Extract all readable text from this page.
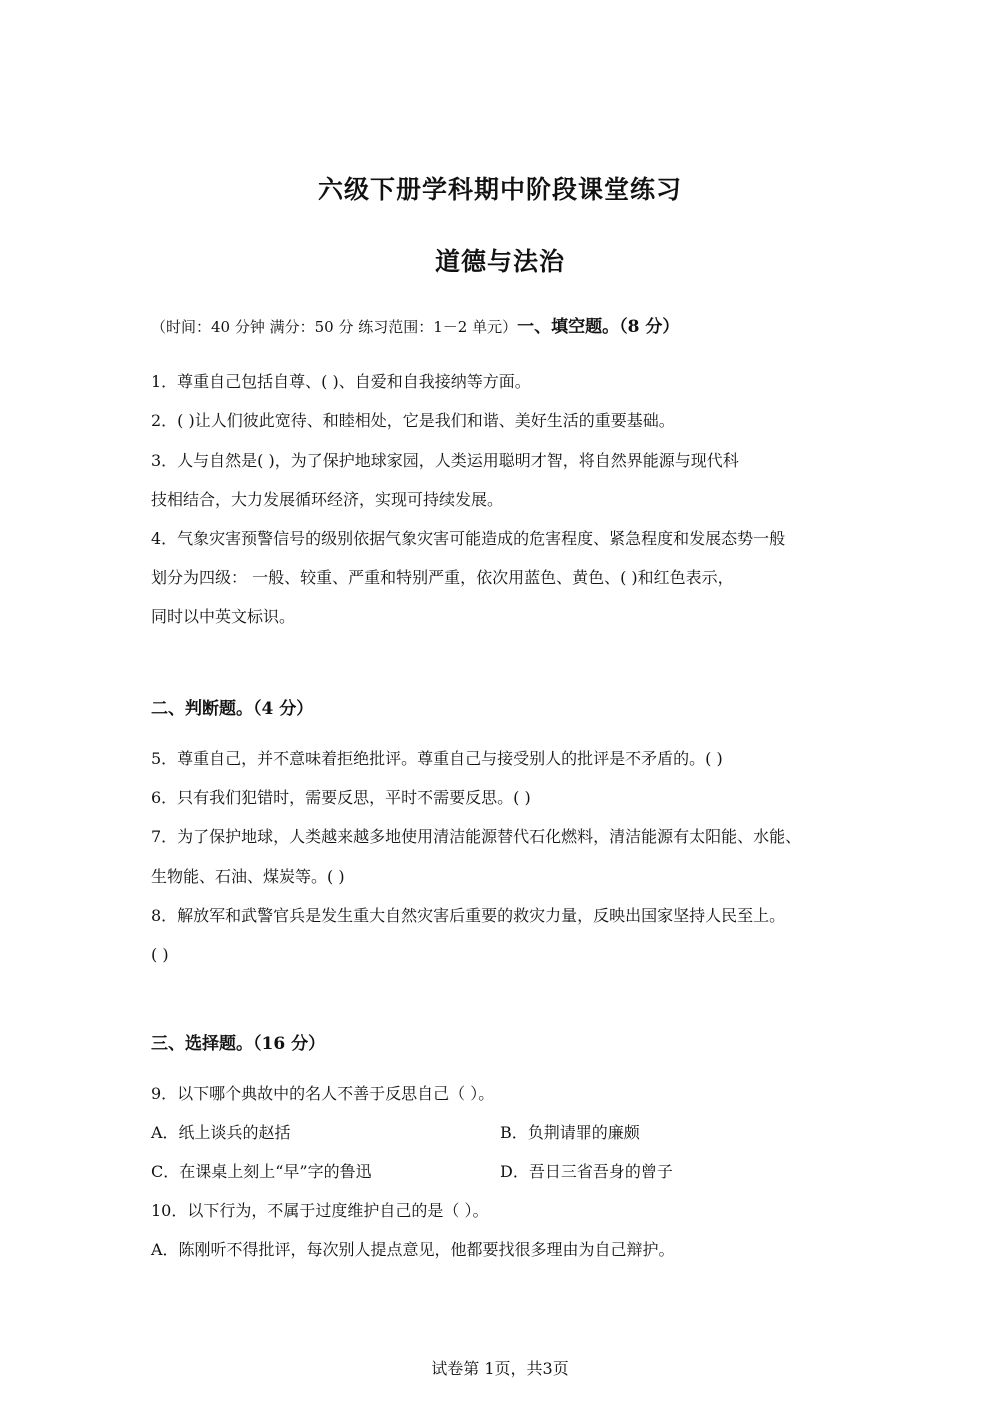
六级下册学科期中阶段课堂练习
道德与法治
（时间：40 分钟 满分：50 分 练习范围：1－2 单元）一、填空题。（8 分）
1．尊重自己包括自尊、( )、自爱和自我接纳等方面。
2．( )让人们彼此宽待、和睦相处，它是我们和谐、美好生活的重要基础。
3．人与自然是( )，为了保护地球家园，人类运用聪明才智，将自然界能源与现代科
技相结合，大力发展循环经济，实现可持续发展。
4．气象灾害预警信号的级别依据气象灾害可能造成的危害程度、紧急程度和发展态势一般
划分为四级： 一般、较重、严重和特别严重，依次用蓝色、黄色、( )和红色表示，
同时以中英文标识。
二、判断题。（4 分）
5．尊重自己，并不意味着拒绝批评。尊重自己与接受别人的批评是不矛盾的。( )
6．只有我们犯错时，需要反思，平时不需要反思。( )
7．为了保护地球，人类越来越多地使用清洁能源替代石化燃料，清洁能源有太阳能、水能、
生物能、石油、煤炭等。( )
8．解放军和武警官兵是发生重大自然灾害后重要的救灾力量，反映出国家坚持人民至上。
( )
三、选择题。（16 分）
9．以下哪个典故中的名人不善于反思自己（ ）。
A．纸上谈兵的赵括	B．负荆请罪的廉颇
C．在课桌上刻上“早”字的鲁迅	D．吾日三省吾身的曾子
10．以下行为，不属于过度维护自己的是（ ）。
A．陈刚听不得批评，每次别人提点意见，他都要找很多理由为自己辩护。
试卷第 1页，共3页
